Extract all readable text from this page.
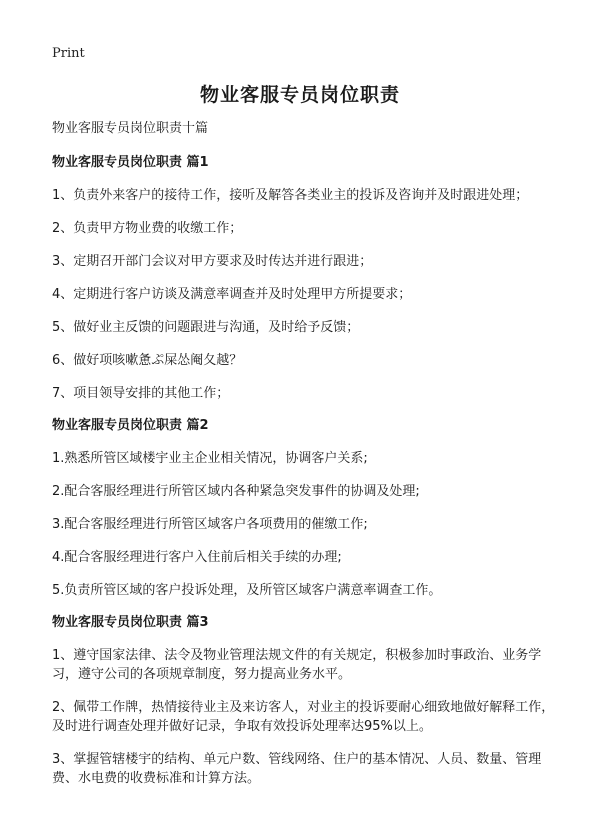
Print
物业客服专员岗位职责

物业客服专员岗位职责十篇

物业客服专员岗位职责 篇1

1、负责外来客户的接待工作，接听及解答各类业主的投诉及咨询并及时跟进处理；

2、负责甲方物业费的收缴工作；

3、定期召开部门会议对甲方要求及时传达并进行跟进；

4、定期进行客户访谈及满意率调查并及时处理甲方所提要求；

5、做好业主反馈的问题跟进与沟通，及时给予反馈；

6、做好项咳嗽惫ぷ屎怂阉夂越？

7、项目领导安排的其他工作；

物业客服专员岗位职责 篇2

1.熟悉所管区域楼宇业主企业相关情况，协调客户关系;

2.配合客服经理进行所管区域内各种紧急突发事件的协调及处理;

3.配合客服经理进行所管区域客户各项费用的催缴工作;

4.配合客服经理进行客户入住前后相关手续的办理;

5.负责所管区域的客户投诉处理，及所管区域客户满意率调查工作。

物业客服专员岗位职责 篇3

1、遵守国家法律、法令及物业管理法规文件的有关规定，积极参加时事政治、业务学习，遵守公司的各项规章制度，努力提高业务水平。

2、佩带工作牌，热情接待业主及来访客人，对业主的投诉要耐心细致地做好解释工作，及时进行调查处理并做好记录，争取有效投诉处理率达95%以上。

3、掌握管辖楼宇的结构、单元户数、管线网络、住户的基本情况、人员、数量、管理费、水电费的收费标准和计算方法。
